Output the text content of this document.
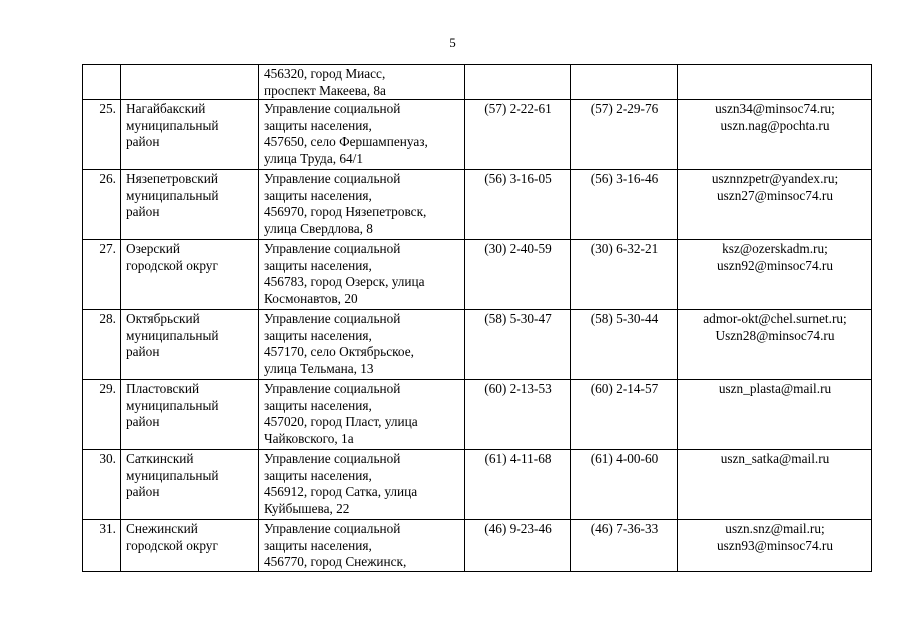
5
		456320, город Миасс,
проспект Макеева, 8а			
25.	Нагайбакский
муниципальный
район	Управление социальной
защиты населения,
457650, село Фершампенуаз,
улица Труда, 64/1	(57) 2-22-61	(57) 2-29-76	uszn34@minsoc74.ru;
uszn.nag@pochta.ru
26.	Нязепетровский
муниципальный
район	Управление социальной
защиты населения,
456970, город Нязепетровск,
улица Свердлова, 8	(56) 3-16-05	(56) 3-16-46	usznnzpetr@yandex.ru;
uszn27@minsoc74.ru
27.	Озерский
городской округ	Управление социальной
защиты населения,
456783, город Озерск, улица
Космонавтов, 20	(30) 2-40-59	(30) 6-32-21	ksz@ozerskadm.ru;
uszn92@minsoc74.ru
28.	Октябрьский
муниципальный
район	Управление социальной
защиты населения,
457170, село Октябрьское,
улица Тельмана, 13	(58) 5-30-47	(58) 5-30-44	admor-okt@chel.surnet.ru;
Uszn28@minsoc74.ru
29.	Пластовский
муниципальный
район	Управление социальной
защиты населения,
457020, город Пласт, улица
Чайковского, 1а	(60) 2-13-53	(60) 2-14-57	uszn_plasta@mail.ru
30.	Саткинский
муниципальный
район	Управление социальной
защиты населения,
456912, город Сатка, улица
Куйбышева, 22	(61) 4-11-68	(61) 4-00-60	uszn_satka@mail.ru
31.	Снежинский
городской округ	Управление социальной
защиты населения,
456770, город Снежинск,	(46) 9-23-46	(46) 7-36-33	uszn.snz@mail.ru;
uszn93@minsoc74.ru
